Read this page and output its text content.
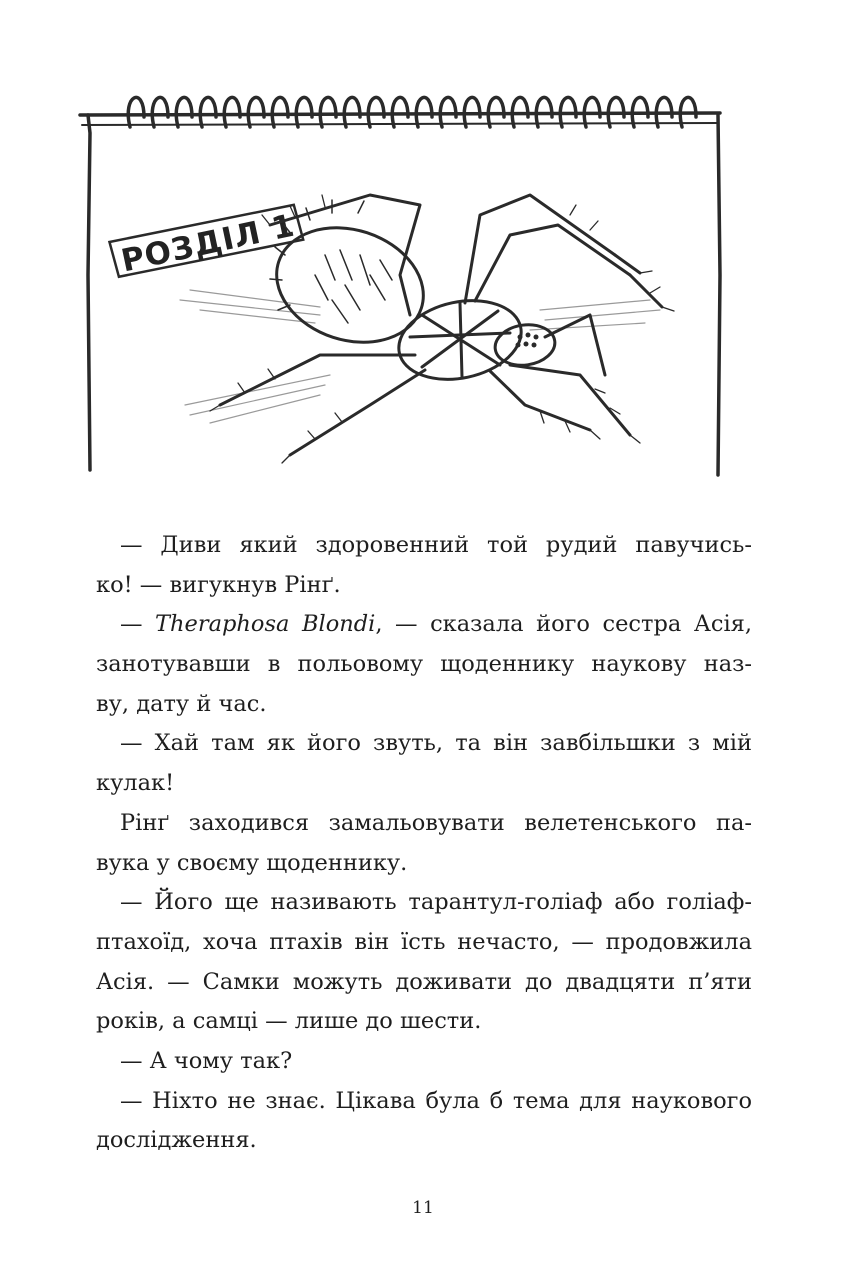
РОЗДІЛ 1
— Диви який здоровенний той рудий павучись-
ко! — вигукнув Рінґ.
— Theraphosa Blondi, — сказала його сестра Асія,
занотувавши в польовому щоденнику наукову наз-
ву, дату й час.
— Хай там як його звуть, та він завбільшки з мій
кулак!
Рінґ заходився замальовувати велетенського па-
вука у своєму щоденнику.
— Його ще називають тарантул-голіаф або голіаф-
птахоїд, хоча птахів він їсть нечасто, — продовжила
Асія. — Самки можуть доживати до двадцяти п’яти
років, а самці — лише до шести.
— А чому так?
— Ніхто не знає. Цікава була б тема для наукового
дослідження.
11
